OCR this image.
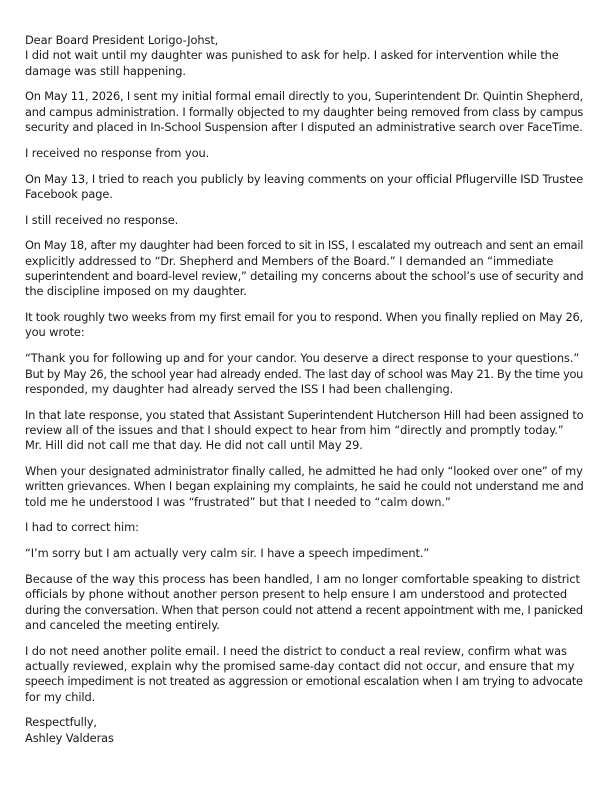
Dear Board President Lorigo-Johst,
I did not wait until my daughter was punished to ask for help. I asked for intervention while the
damage was still happening.
On May 11, 2026, I sent my initial formal email directly to you, Superintendent Dr. Quintin Shepherd,
and campus administration. I formally objected to my daughter being removed from class by campus
security and placed in In-School Suspension after I disputed an administrative search over FaceTime.
I received no response from you.
On May 13, I tried to reach you publicly by leaving comments on your official Pflugerville ISD Trustee
Facebook page.
I still received no response.
On May 18, after my daughter had been forced to sit in ISS, I escalated my outreach and sent an email
explicitly addressed to “Dr. Shepherd and Members of the Board.” I demanded an “immediate
superintendent and board-level review,” detailing my concerns about the school’s use of security and
the discipline imposed on my daughter.
It took roughly two weeks from my first email for you to respond. When you finally replied on May 26,
you wrote:
“Thank you for following up and for your candor. You deserve a direct response to your questions.”
But by May 26, the school year had already ended. The last day of school was May 21. By the time you
responded, my daughter had already served the ISS I had been challenging.
In that late response, you stated that Assistant Superintendent Hutcherson Hill had been assigned to
review all of the issues and that I should expect to hear from him “directly and promptly today.”
Mr. Hill did not call me that day. He did not call until May 29.
When your designated administrator finally called, he admitted he had only “looked over one” of my
written grievances. When I began explaining my complaints, he said he could not understand me and
told me he understood I was “frustrated” but that I needed to “calm down.”
I had to correct him:
“I’m sorry but I am actually very calm sir. I have a speech impediment.”
Because of the way this process has been handled, I am no longer comfortable speaking to district
officials by phone without another person present to help ensure I am understood and protected
during the conversation. When that person could not attend a recent appointment with me, I panicked
and canceled the meeting entirely.
I do not need another polite email. I need the district to conduct a real review, confirm what was
actually reviewed, explain why the promised same-day contact did not occur, and ensure that my
speech impediment is not treated as aggression or emotional escalation when I am trying to advocate
for my child.
Respectfully,
Ashley Valderas
